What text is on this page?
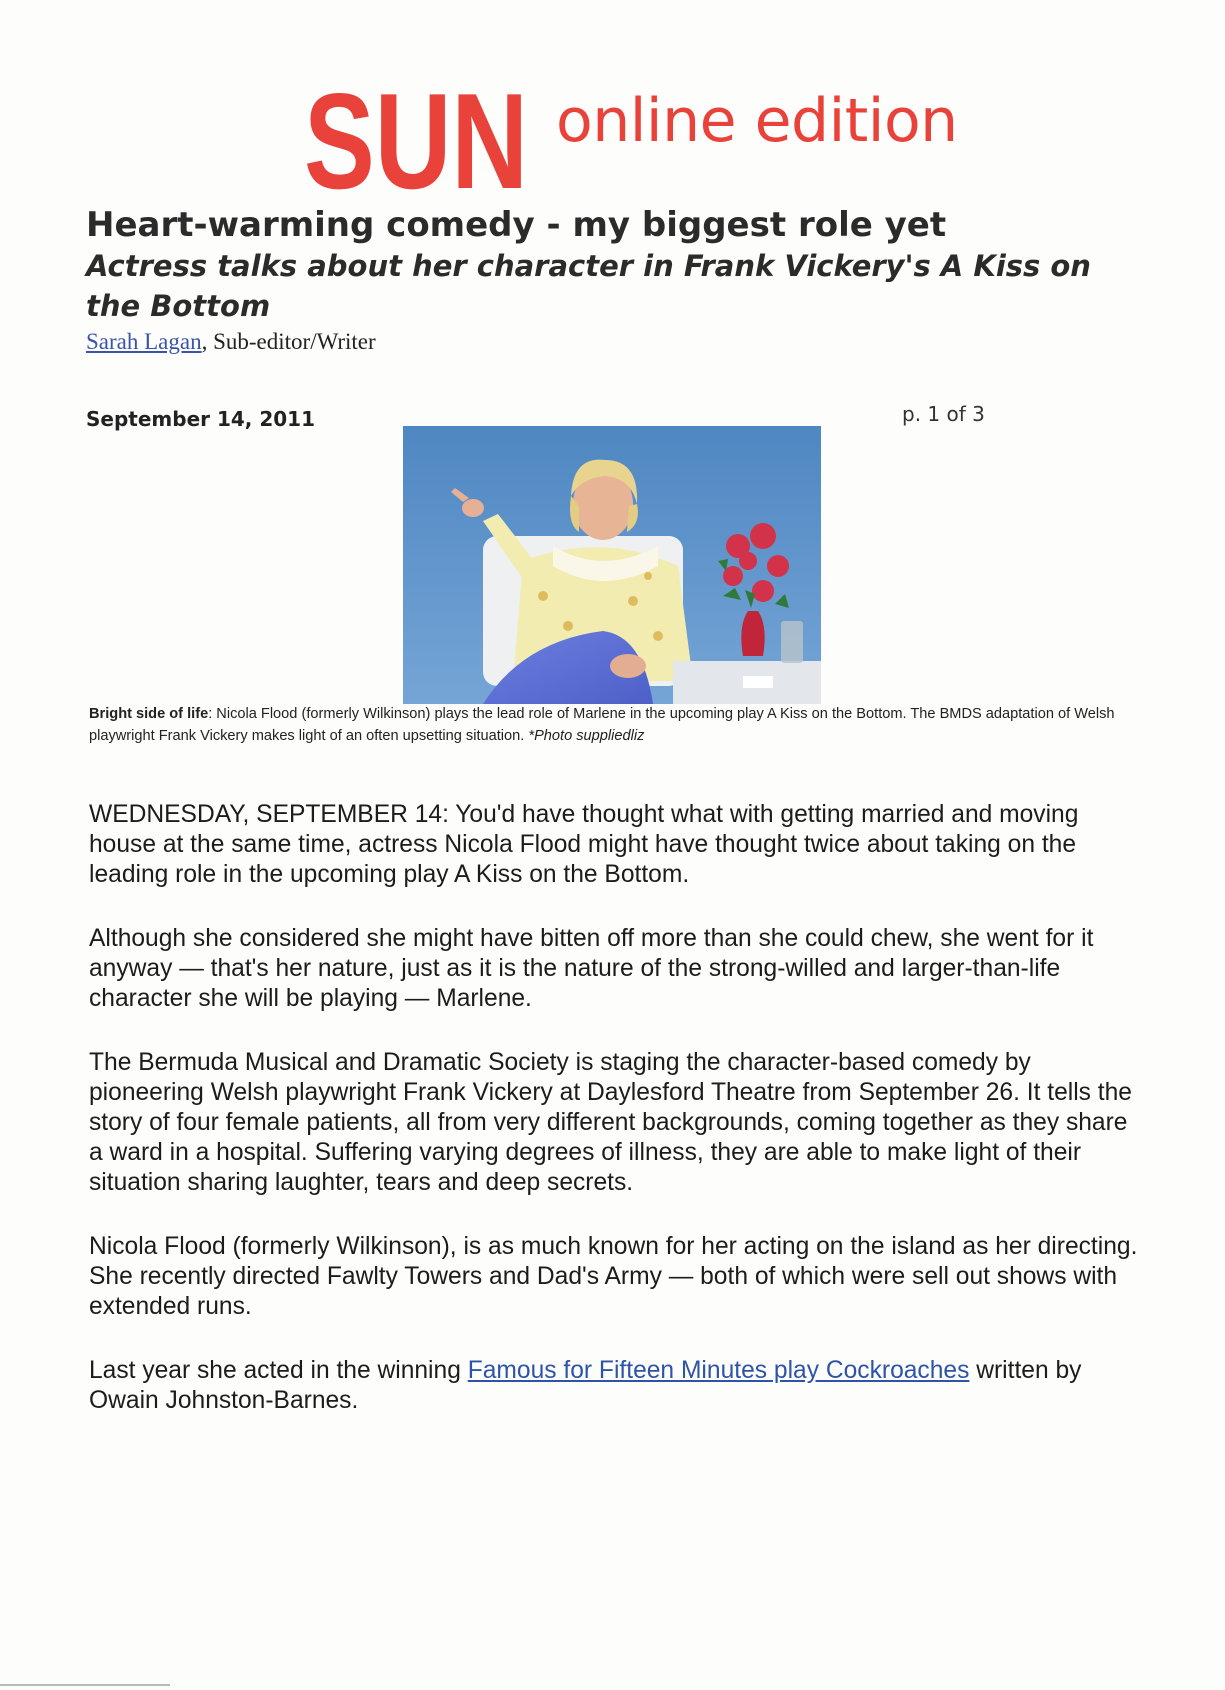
SUN online edition
Heart-warming comedy - my biggest role yet
Actress talks about her character in Frank Vickery's A Kiss on the Bottom
Sarah Lagan, Sub-editor/Writer
September 14, 2011	p. 1 of 3
Bright side of life: Nicola Flood (formerly Wilkinson) plays the lead role of Marlene in the upcoming play A Kiss on the Bottom. The BMDS adaptation of Welsh playwright Frank Vickery makes light of an often upsetting situation. *Photo suppliedliz

WEDNESDAY, SEPTEMBER 14: You'd have thought what with getting married and moving house at the same time, actress Nicola Flood might have thought twice about taking on the leading role in the upcoming play A Kiss on the Bottom.

Although she considered she might have bitten off more than she could chew, she went for it anyway — that's her nature, just as it is the nature of the strong-willed and larger-than-life character she will be playing — Marlene.

The Bermuda Musical and Dramatic Society is staging the character-based comedy by pioneering Welsh playwright Frank Vickery at Daylesford Theatre from September 26. It tells the story of four female patients, all from very different backgrounds, coming together as they share a ward in a hospital. Suffering varying degrees of illness, they are able to make light of their situation sharing laughter, tears and deep secrets.

Nicola Flood (formerly Wilkinson), is as much known for her acting on the island as her directing. She recently directed Fawlty Towers and Dad's Army — both of which were sell out shows with extended runs.

Last year she acted in the winning Famous for Fifteen Minutes play Cockroaches written by Owain Johnston-Barnes.
